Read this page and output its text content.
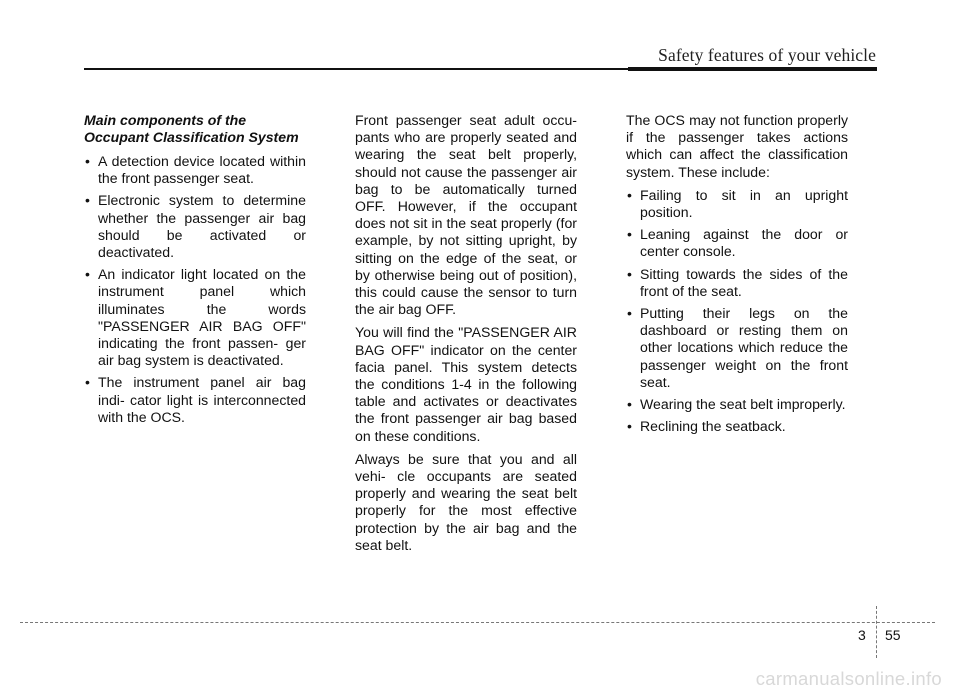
Safety features of your vehicle
Main components of the
Occupant Classification System
• A detection device located within the front passenger seat.
• Electronic system to determine whether the passenger air bag should be activated or deactivated.
• An indicator light located on the instrument panel which illuminates the words "PASSENGER AIR BAG OFF" indicating the front passen- ger air bag system is deactivated.
• The instrument panel air bag indi- cator light is interconnected with the OCS.

Front passenger seat adult occu- pants who are properly seated and wearing the seat belt properly, should not cause the passenger air bag to be automatically turned OFF. However, if the occupant does not sit in the seat properly (for example, by not sitting upright, by sitting on the edge of the seat, or by otherwise being out of position), this could cause the sensor to turn the air bag OFF.

You will find the "PASSENGER AIR BAG OFF" indicator on the center facia panel. This system detects the conditions 1-4 in the following table and activates or deactivates the front passenger air bag based on these conditions.

Always be sure that you and all vehi- cle occupants are seated properly and wearing the seat belt properly for the most effective protection by the air bag and the seat belt.

The OCS may not function properly if the passenger takes actions which can affect the classification system. These include:

• Failing to sit in an upright position.
• Leaning against the door or center console.
• Sitting towards the sides of the front of the seat.
• Putting their legs on the dashboard or resting them on other locations which reduce the passenger weight on the front seat.
• Wearing the seat belt improperly.
• Reclining the seatback.
3 55
carmanualsonline.info
